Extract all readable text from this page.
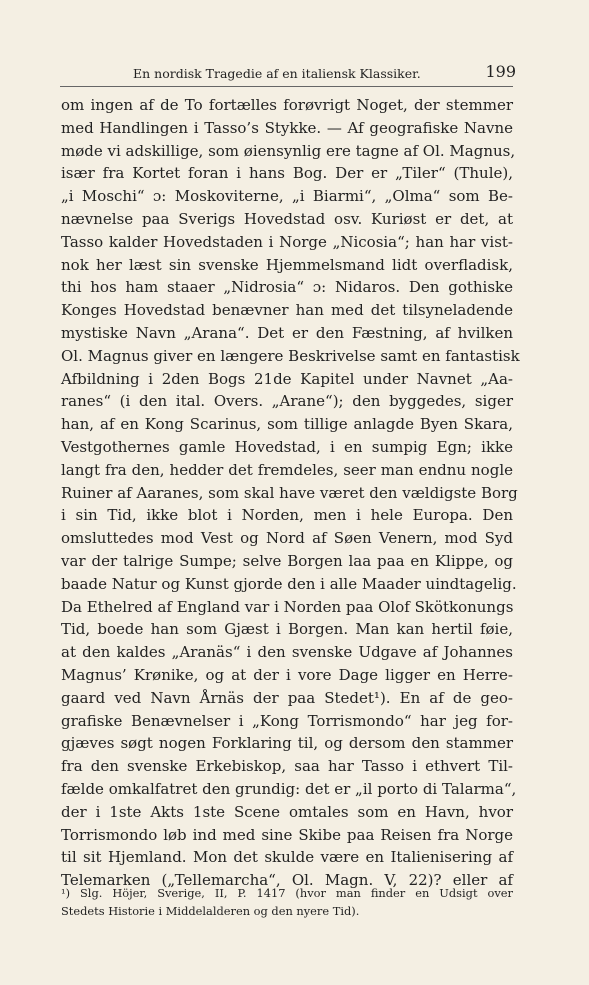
En nordisk Tragedie af en italiensk Klassiker.	199
om ingen af de To fortælles forøvrigt Noget, der stemmer
med Handlingen i Tasso’s Stykke. — Af geografiske Navne
møde vi adskillige, som øiensynlig ere tagne af Ol. Magnus,
især fra Kortet foran i hans Bog. Der er „Tiler“ (Thule),
„i Moschi“ ɔ: Moskoviterne, „i Biarmi“, „Olma“ som Be-
nævnelse paa Sverigs Hovedstad osv. Kuriøst er det, at
Tasso kalder Hovedstaden i Norge „Nicosia“; han har vist-
nok her læst sin svenske Hjemmelsmand lidt overfladisk,
thi hos ham staaer „Nidrosia“ ɔ: Nidaros. Den gothiske
Konges Hovedstad benævner han med det tilsyneladende
mystiske Navn „Arana“. Det er den Fæstning, af hvilken
Ol. Magnus giver en længere Beskrivelse samt en fantastisk
Afbildning i 2den Bogs 21de Kapitel under Navnet „Aa-
ranes“ (i den ital. Overs. „Arane“); den byggedes, siger
han, af en Kong Scarinus, som tillige anlagde Byen Skara,
Vestgothernes gamle Hovedstad, i en sumpig Egn; ikke
langt fra den, hedder det fremdeles, seer man endnu nogle
Ruiner af Aaranes, som skal have været den vældigste Borg
i sin Tid, ikke blot i Norden, men i hele Europa. Den
omsluttedes mod Vest og Nord af Søen Venern, mod Syd
var der talrige Sumpe; selve Borgen laa paa en Klippe, og
baade Natur og Kunst gjorde den i alle Maader uindtagelig.
Da Ethelred af England var i Norden paa Olof Skötkonungs
Tid, boede han som Gjæst i Borgen. Man kan hertil føie,
at den kaldes „Aranäs“ i den svenske Udgave af Johannes
Magnus’ Krønike, og at der i vore Dage ligger en Herre-
gaard ved Navn Årnäs der paa Stedet¹). En af de geo-
grafiske Benævnelser i „Kong Torrismondo“ har jeg for-
gjæves søgt nogen Forklaring til, og dersom den stammer
fra den svenske Erkebiskop, saa har Tasso i ethvert Til-
fælde omkalfatret den grundig: det er „il porto di Talarma“,
der i 1ste Akts 1ste Scene omtales som en Havn, hvor
Torrismondo løb ind med sine Skibe paa Reisen fra Norge
til sit Hjemland. Mon det skulde være en Italienisering af
Telemarken („Tellemarcha“, Ol. Magn. V, 22)? eller af
¹) Slg. Höjer, Sverige, II, P. 1417 (hvor man finder en Udsigt over
Stedets Historie i Middelalderen og den nyere Tid).
